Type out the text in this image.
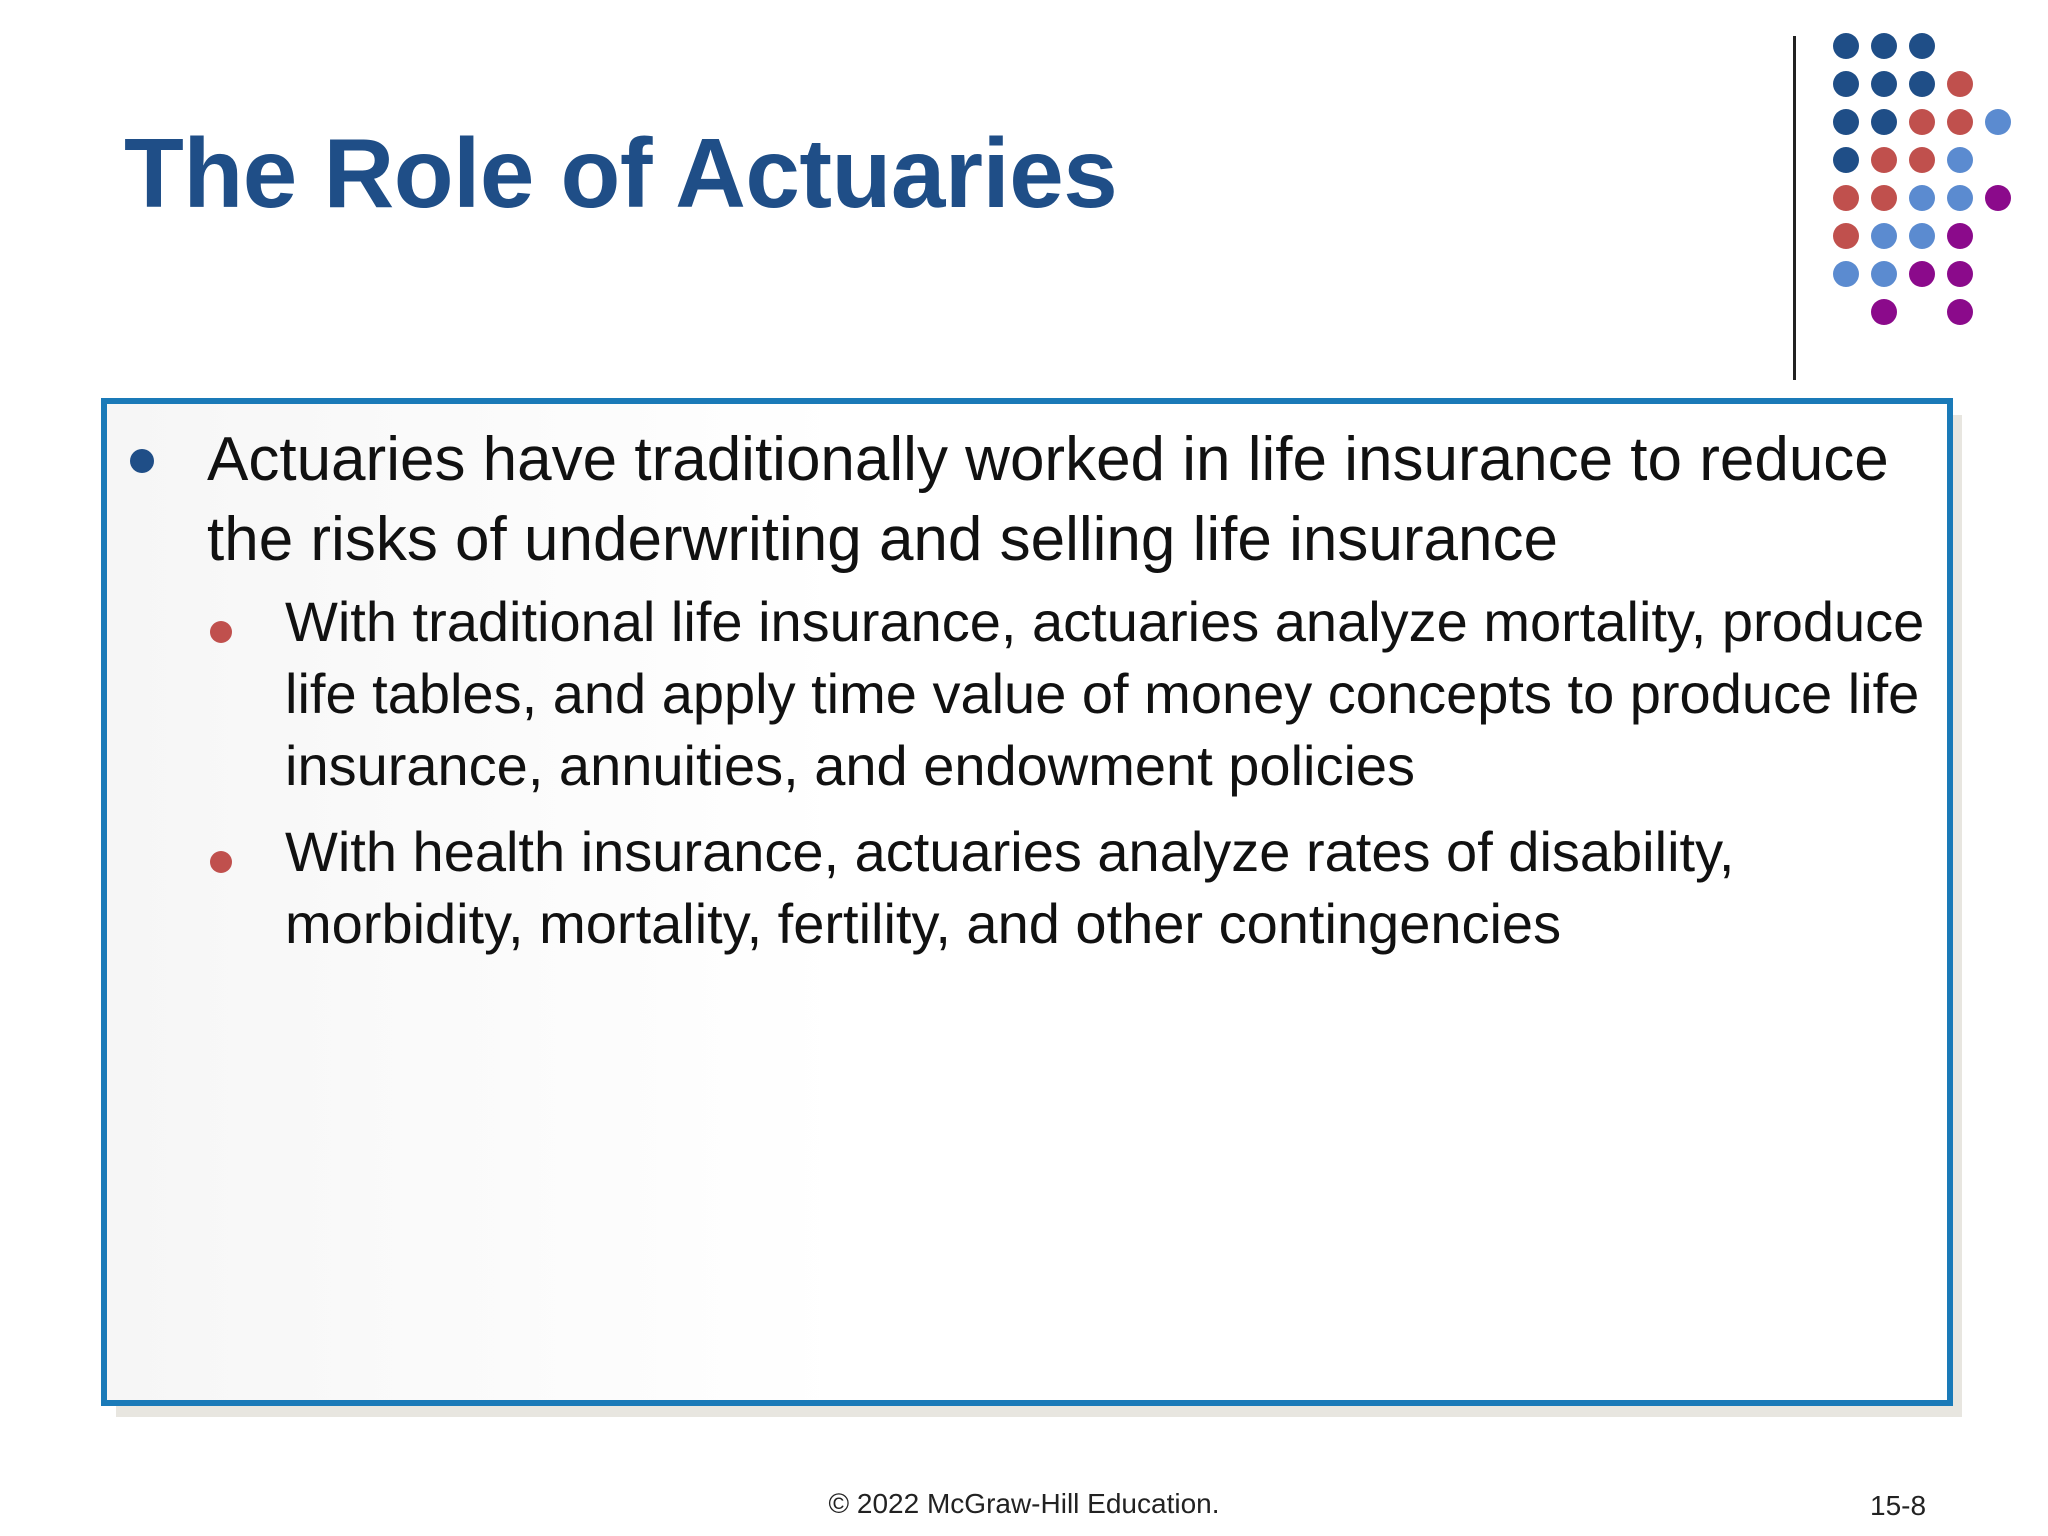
The Role of Actuaries
Actuaries have traditionally worked in life insurance to reduce the risks of underwriting and selling life insurance
With traditional life insurance, actuaries analyze mortality, produce life tables, and apply time value of money concepts to produce life insurance, annuities, and endowment policies
With health insurance, actuaries analyze rates of disability, morbidity, mortality, fertility, and other contingencies
© 2022 McGraw-Hill Education.	15-8
